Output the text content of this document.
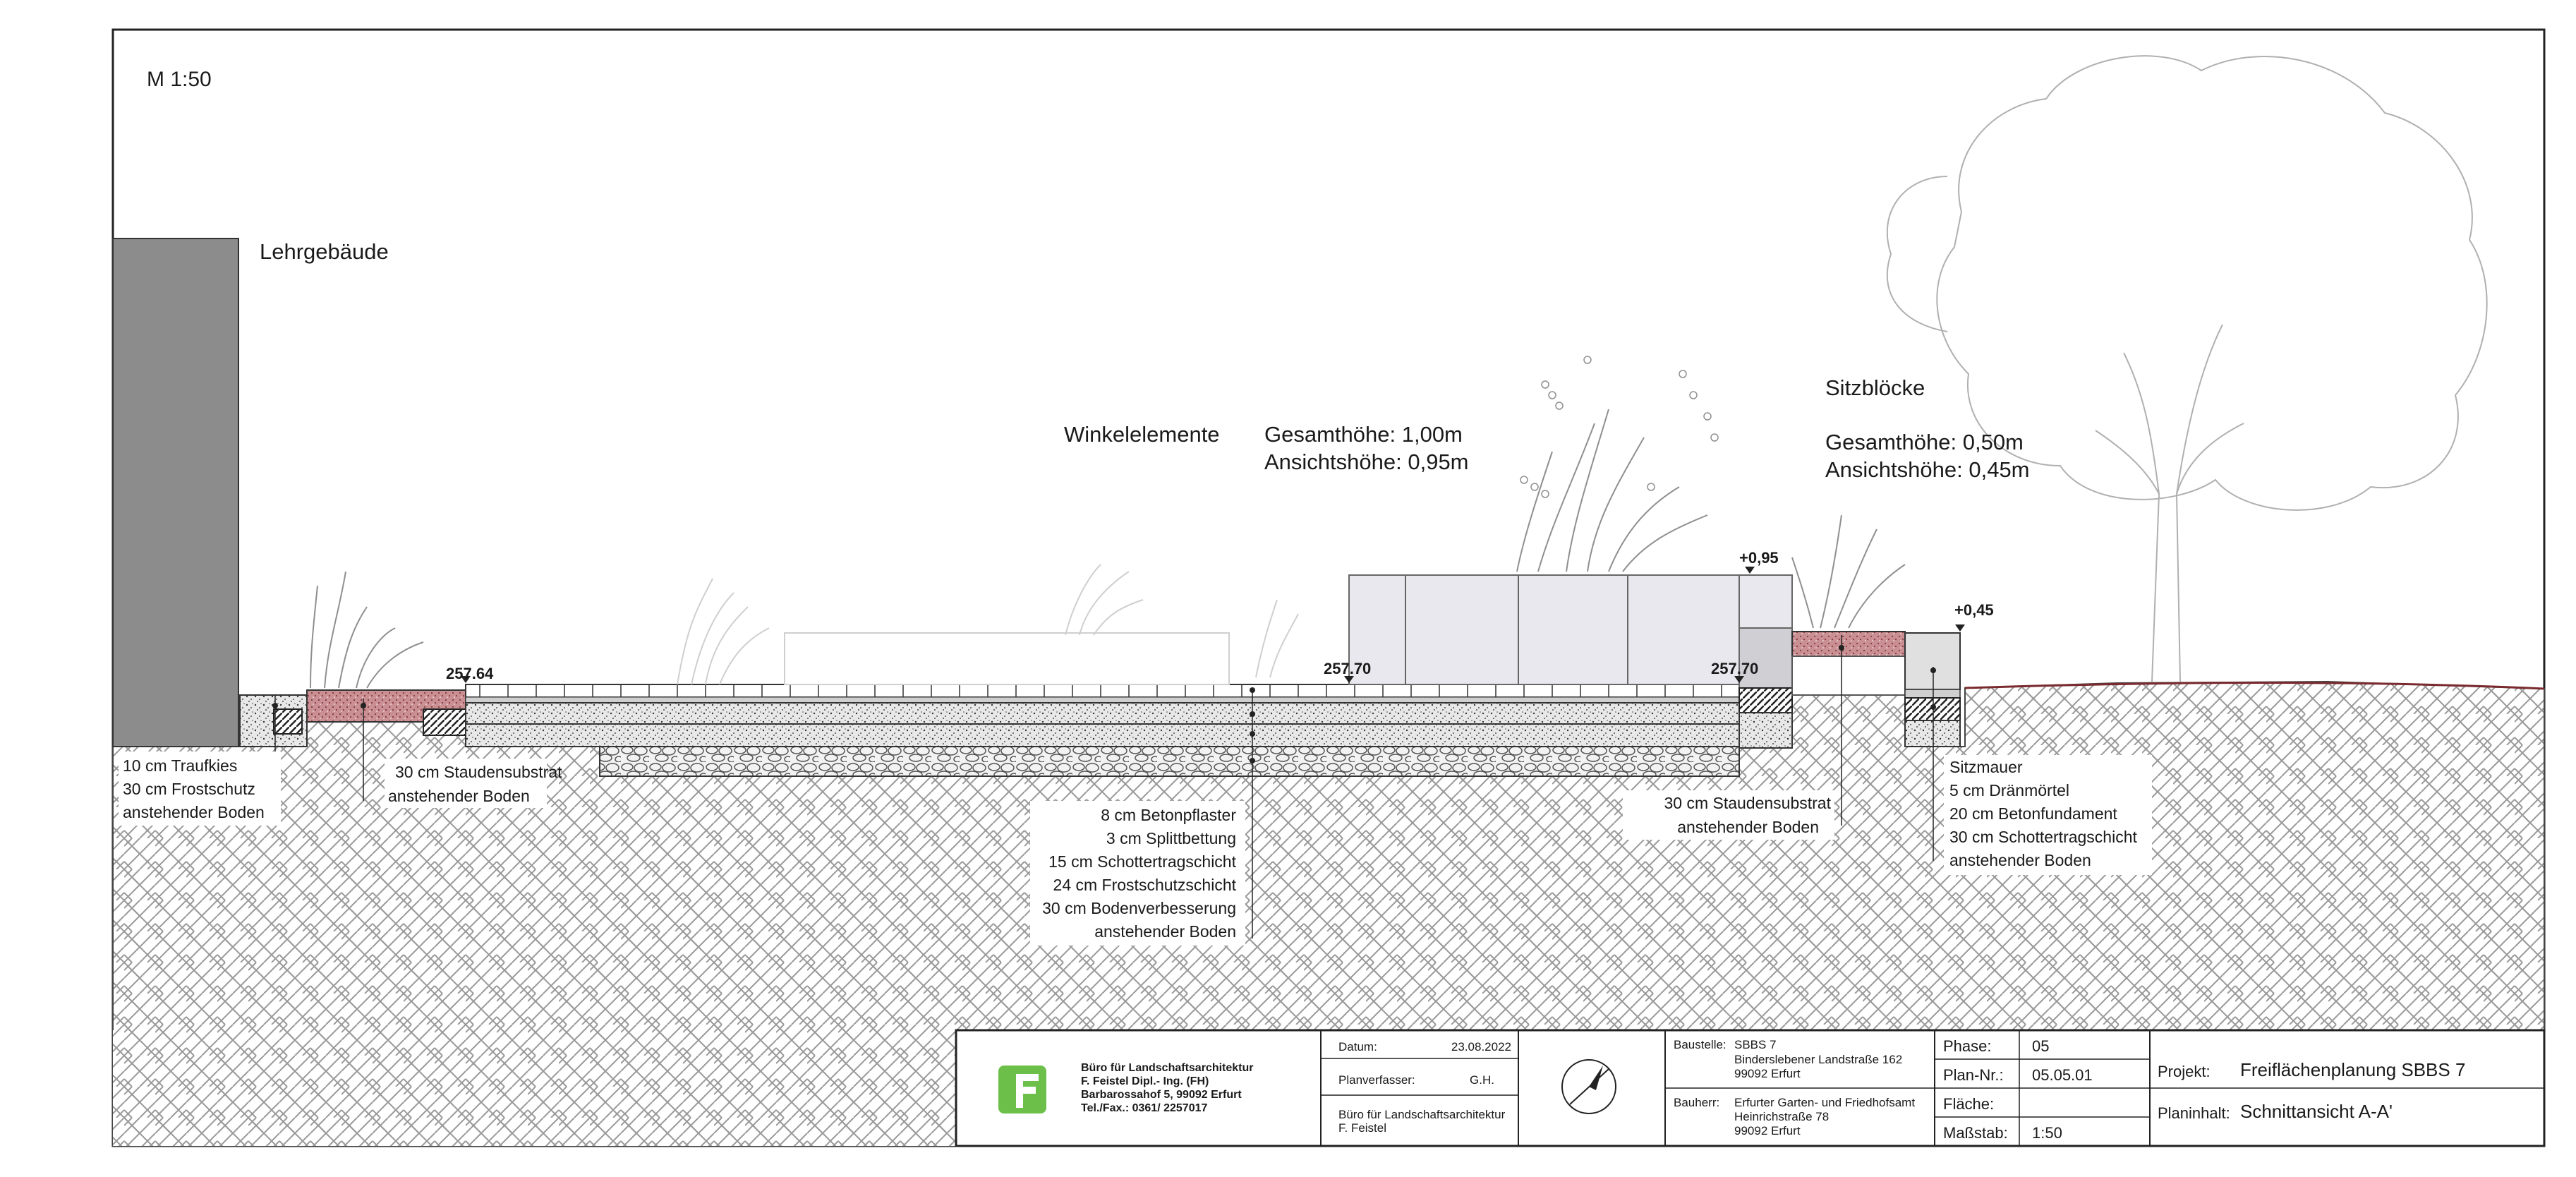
257.64	257.70	257.70
+0,95
+0,45
M 1:50
Lehrgebäude
Winkelelemente Gesamthöhe: 1,00m
Ansichtshöhe: 0,95m
Sitzblöcke
Gesamthöhe: 0,50m
Ansichtshöhe: 0,45m
10 cm Traufkies
30 cm Frostschutz
anstehender Boden
30 cm Staudensubstrat
anstehender Boden
8 cm Betonpflaster
3 cm Splittbettung
15 cm Schottertragschicht
24 cm Frostschutzschicht
30 cm Bodenverbesserung
anstehender Boden
30 cm Staudensubstrat
anstehender Boden
Sitzmauer
5 cm Dränmörtel
20 cm Betonfundament
30 cm Schottertragschicht
anstehender Boden
Büro für Landschaftsarchitektur
F. Feistel Dipl.- Ing. (FH)
Barbarossahof 5, 99092 Erfurt
Tel./Fax.: 0361/ 2257017
Datum:	23.08.2022
Planverfasser:	G.H.
Büro für Landschaftsarchitektur
F. Feistel
Baustelle: SBBS 7
Binderslebener Landstraße 162
99092 Erfurt
Bauherr: Erfurter Garten- und Friedhofsamt
Heinrichstraße 78
99092 Erfurt
Phase:	05
Plan-Nr.: 05.05.01
Fläche:
Maßstab: 1:50
Projekt: Freiflächenplanung SBBS 7
Planinhalt: Schnittansicht A-A'
